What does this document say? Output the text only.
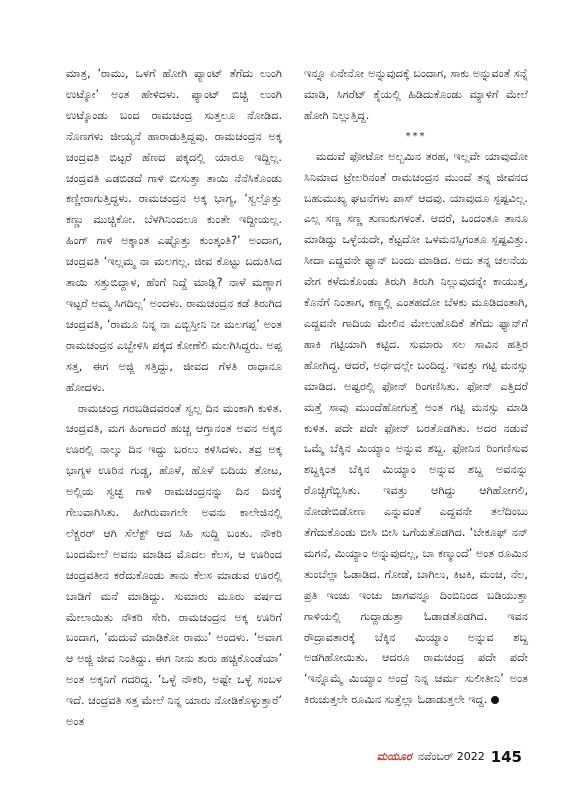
ಮಾತ್ರ, ‘ರಾಮು, ಒಳಗೆ ಹೋಗಿ ಪ್ಯಾಂಟ್ ತೆಗೆದು ಲುಂಗಿ ಉಟ್ಕೋ’ ಅಂತ ಹೇಳಿದಳು. ಪ್ಯಾಂಟ್ ಬಿಚ್ಚಿ ಲುಂಗಿ ಉಟ್ಕೊಂಡು ಬಂದ ರಾಮಚಂದ್ರ ಸುತ್ತಲೂ ನೋಡಿದ. ನೊಣಗಳು ಜೀಯ್ಯನೆ ಹಾರಾಡುತ್ತಿದ್ದವು. ರಾಮಚಂದ್ರನ ಅಕ್ಕ ಚಂದ್ರವತಿ ಬಿಟ್ಟರೆ ಹೆಣದ ಪಕ್ಕದಲ್ಲಿ ಯಾರೂ ಇದ್ದಿಲ್ಲ. ಚಂದ್ರವತಿ ಎಡಬಿಡದೆ ಗಾಳಿ ಬೀಸುತ್ತಾ ತಾಯಿ ನೆನೆಸಿಕೊಂಡು ಕಣ್ಣೀರಾಗುತ್ತಿದ್ದಳು. ರಾಮಚಂದ್ರನ ಅಕ್ಕ ಭಾಗ್ಯ, ‘ಸ್ವಲ್ಪೊತ್ತು ಕಣ್ಣು ಮುಚ್ಚಿಕೋ. ಬೆಳಗಿನಿಂದಲೂ ಕುಂತೇ ಇದ್ದೀಯಲ್ಲ. ಹಿಂಗ್ ಗಾಳಿ ಅಕ್ಕಾಂತ ಎಷ್ಟೊತ್ತು ಕುಂತ್ಕಂತಿ?’ ಅಂದಾಗ, ಚಂದ್ರವತಿ ‘ಇಲ್ಲಮ್ಮ ನಾ ಮಲಗಲ್ಲ. ಜೀವ ಕೊಟ್ಟು ಬದುಕಿಸಿದ ತಾಯಿ ಸತ್ತುಬಿದ್ದಾಳ, ಹೆಂಗೆ ನಿದ್ದೆ ಮಾಡ್ಲಿ? ನಾಳೆ ಮಣ್ಣಾಗ ಇಟ್ಟರೆ ಅಮ್ಮ ಸಿಗದಿಲ್ಲ’ ಅಂದಳು. ರಾಮಚಂದ್ರನ ಕಡೆ ತಿರುಗಿದ ಚಂದ್ರವತಿ, ‘ರಾಮೂ ನಿನ್ನ ನಾ ಎಬ್ಬಿಸ್ತೀನಿ ನೀ ಮಲಗಪ್ಪ’ ಅಂತ ರಾಮಚಂದ್ರನ ಎಬ್ಬೇಳಿಸಿ ಪಕ್ಕದ ಕೋಣೆಲಿ ಮಲಗಿಸಿದ್ದರು. ಅಪ್ಪ ಸತ್ತ, ಈಗ ಅಜ್ಜಿ ಸತ್ತಿದ್ದು, ಜೀವದ ಗೆಳತಿ ರಾಧಾನೂ ಹೋದಳು.

ರಾಮಚಂದ್ರ ಗರಬಡಿದವರಂತೆ ಸ್ವಲ್ಪ ದಿನ ಮಂಕಾಗಿ ಕುಳಿತ. ಚಂದ್ರವತಿ, ಮಗ ಹಿಂಗಾದರೆ ಹುಚ್ಚ ಆಗ್ತಾನಂತ ಅವನ ಅಕ್ಕನ ಊರಲ್ಲಿ ನಾಲ್ಕು ದಿನ ಇದ್ದು ಬರಲು ಕಳಿಸಿದಳು. ತವ್ರ ಅಕ್ಕ ಭಾಗ್ಯಳ ಊರಿನ ಗುಡ್ಡ, ಹೊಳೆ, ಹೊಳೆ ಬದಿಯ ತೋಟ, ಅಲ್ಲಿಯ ಸ್ವಚ್ಛ ಗಾಳಿ ರಾಮಚಂದ್ರನನ್ನು ದಿನ ದಿನಕ್ಕೆ ಗೆಲುವಾಗಿಸಿತು. ಹೀಗಿರುವಾಗಲೇ ಅವನು ಕಾಲೇಜಿನಲ್ಲಿ ಲೆಕ್ಚರರ್ ಆಗಿ ಸೆಲೆಕ್ಟ್ ಆದ ಸಿಹಿ ಸುದ್ದಿ ಬಂತು. ನೌಕರಿ ಬಂದಮೇಲೆ ಅವನು ಮಾಡಿದ ಮೊದಲ ಕೆಲಸ, ಆ ಊರಿಂದ ಚಂದ್ರವತೀನ ಕರೆದುಕೊಂಡು ತಾನು ಕೆಲಸ ಮಾಡುವ ಊರಲ್ಲಿ ಬಾಡಿಗೆ ಮನೆ ಮಾಡಿದ್ದು. ಸುಮಾರು ಮೂರು ವರ್ಷದ ಮೇಲಾಯಿತು ನೌಕರಿ ಸೇರಿ. ರಾಮಚಂದ್ರನ ಅಕ್ಕ ಊರಿಗೆ ಬಂದಾಗ, ‘ಮದುವೆ ಮಾಡಿಕೋ ರಾಮು’ ಅಂದಳು. ‘ಅವಾಗ ಆ ಅಜ್ಜಿ ಜೀವ ನಿಂತಿದ್ದು. ಈಗ ನೀನು ಶುರು ಹಚ್ಚಿಕೊಂಡೆಯಾ’ ಅಂತ ಅಕ್ಕನಿಗೆ ಗದರಿದ್ದ. ‘ಒಳ್ಳೆ ನೌಕರಿ, ಅಷ್ಟೇ ಒಳ್ಳೆ ಸಂಬಳ ಇದೆ. ಚಂದ್ರವತಿ ಸತ್ತ ಮೇಲೆ ನಿನ್ನ ಯಾರು ನೋಡಿಕೊಳ್ಳುತ್ತಾರೆ’ ಅಂತ

ಇನ್ನೂ ಏನೇನೋ ಅನ್ನುವುದಕ್ಕೆ ಬಂದಾಗ, ಸಾಕು ಅನ್ನುವಂತೆ ಸನ್ನೆ ಮಾಡಿ, ಸಿಗರೆಟ್ ಕೈಯಲ್ಲಿ ಹಿಡಿದುಕೊಂಡು ಮ್ಯಾಳಿಗೆ ಮೇಲೆ ಹೋಗಿ ನಿಲ್ಲುತ್ತಿದ್ದ.

***

ಮದುವೆ ಫೋಟೋ ಅಲ್ಬಮಿನ ತರಹ, ಇಲ್ಲವೇ ಯಾವುದೋ ಸಿನಿಮಾದ ಟ್ರೇಲರಿನಂತೆ ರಾಮಚಂದ್ರನ ಮುಂದೆ ತನ್ನ ಜೀವನದ ಬಹುಮುಖ್ಯ ಘಟನೆಗಳು ಪಾಸ್ ಆದವು. ಯಾವುದೂ ಸ್ಪಷ್ಟವಿಲ್ಲ. ಎಲ್ಲ ಸಣ್ಣ ಸಣ್ಣ ತುಣುಕುಗಳಂತೆ. ಆದರೆ, ಒಂದಂತೂ ತಾನೂ ಮಾಡಿದ್ದು ಒಳ್ಳೆಯದೇ, ಕೆಟ್ಟದೋ ಒಳಮನಸ್ಸಿಗಂತೂ ಸ್ಪಷ್ಟವಿತ್ತು. ಸೀದಾ ಎದ್ದವನೇ ಫ್ಯಾನ್ ಬಂದು ಮಾಡಿದ. ಅದು ತನ್ನ ಚಲನೆಯ ವೇಗ ಕಳೆದುಕೊಂಡು ತಿರುಗಿ ತಿರುಗಿ ನಿಲ್ಲುವುದನ್ನೇ ಕಾಯುತ್ತ, ಕೊನೆಗೆ ನಿಂತಾಗ, ಕಣ್ಣಲ್ಲಿ ಎಂತಹದೋ ಬೆಳಕು ಮೂಡಿದಂತಾಗಿ, ಎದ್ದವನೇ ಗಾದಿಯ ಮೇಲಿನ ಮೇಲುಹೊದಿಕೆ ತೆಗೆದು ಫ್ಯಾನ್‌ಗೆ ಹಾಕಿ ಗಟ್ಟಿಯಾಗಿ ಕಟ್ಟಿದ. ಸುಮಾರು ಸಲ ಸಾವಿನ ಹತ್ತಿರ ಹೋಗಿದ್ದ. ಆದರೆ, ಅರ್ಧದಲ್ಲೇ ಬಂದಿದ್ದ. ಇವತ್ತು ಗಟ್ಟಿ ಮನಸ್ಸು ಮಾಡಿದ. ಅಷ್ಟರಲ್ಲಿ ಫೋನ್ ರಿಂಗಣಿಸಿತು. ಫೋನ್ ಎತ್ತಿದರೆ ಮತ್ತೆ ಸಾವು ಮುಂದೆಹೋಗುತ್ತೆ ಅಂತ ಗಟ್ಟಿ ಮನಸ್ಸು ಮಾಡಿ ಕುಳಿತ. ಪದೇ ಪದೇ ಫೋನ್ ಬರತೊಡಗಿತು. ಅದರ ನಡುವೆ ಒಮ್ಮೆ ಬೆಕ್ಕಿನ ಮಿಯ್ಯಾಂ ಅನ್ನುವ ಶಬ್ದ. ಫೋನಿನ ರಿಂಗಣಿಸುವ ಶಬ್ದಕ್ಕಿಂತ ಬೆಕ್ಕಿನ ಮಿಯ್ಯಾಂ ಅನ್ನುವ ಶಬ್ದ ಅವನನ್ನು ರೊಚ್ಚಿಗೆಬ್ಬಿಸಿತು. ಇವತ್ತು ಆಗಿದ್ದು ಆಗಿಹೋಗಲಿ, ನೋಡೇಬಿಡೋಣ ಎನ್ನುವಂತೆ ಎದ್ದವನೇ ತಲೆದಿಂಬು ತೆಗೆದುಕೊಂಡು ಬೀಸಿ ಬೀಸಿ ಒಗೆಯತೊಡಗಿದ. ‘ಬೇಕೂಫ್ ನನ್ ಮಗನೆ, ಮಿಯ್ಯಾಂ ಅನ್ನುವುದಲ್ಲ, ಬಾ ಕಣ್ಮುಂದೆ’ ಅಂತ ರೂಮಿನ ತುಂಬೆಲ್ಲಾ ಓಡಾಡಿದ. ಗೋಡೆ, ಬಾಗಿಲು, ಕಿಟಕಿ, ಮಂಚ, ನೆಲ, ಪ್ರತಿ ಇಂಚು ಇಂಚು ಜಾಗವನ್ನೂ ದಿಂಬಿನಿಂದ ಬಡಿಯುತ್ತಾ ಗಾಳಿಯಲ್ಲಿ ಗುದ್ದಾಡುತ್ತಾ ಓಡಾಡತೊಡಗಿದ. ಇವನ ರೌದ್ರಾವತಾರಕ್ಕೆ ಬೆಕ್ಕಿನ ಮಿಯ್ಯಾಂ ಅನ್ನುವ ಶಬ್ದ ಅಡಗಿಹೋಯಿತು. ಆದರೂ ರಾಮಚಂದ್ರ ಪದೇ ಪದೇ ‘ಇನ್ನೊಮ್ಮೆ ಮಿಯ್ಯಾಂ ಅಂದ್ರೆ ನಿನ್ನ ಚರ್ಮ ಸುಲೀತೀನಿ’ ಅಂತ ಕಿರುಚುತ್ತಲೇ ರೂಮಿನ ಸುತ್ತೆಲ್ಲಾ ಓಡಾಡುತ್ತಲೇ ಇದ್ದ.

ಮಯೂರ ನವೆಂಬರ್ 2022 145
